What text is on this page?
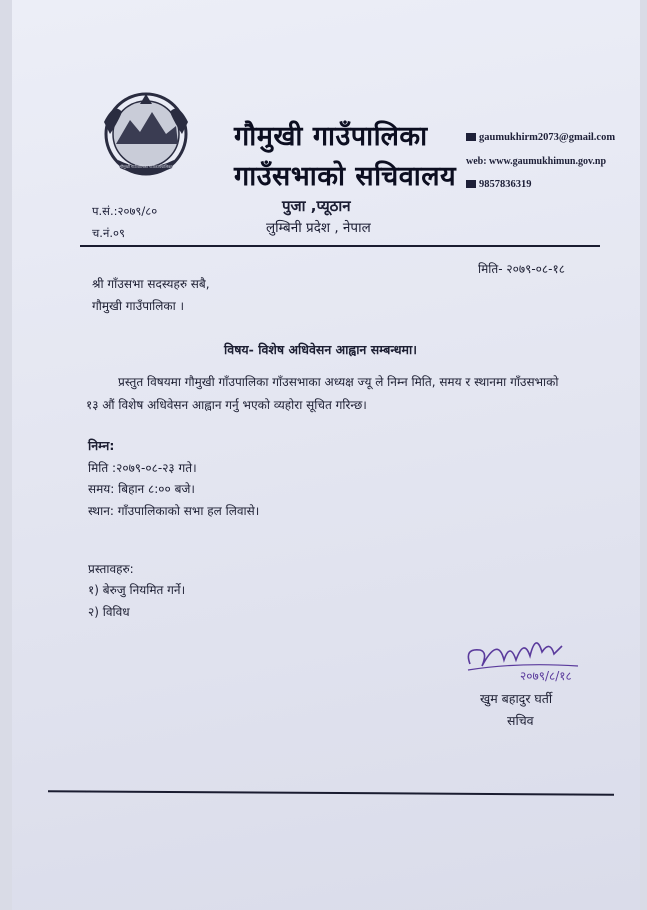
गौमुखी गाउँपालिका गाउँकार्यपालिका
गौमुखी गाउँपालिका
गाउँसभाको सचिवालय
पुजा ,प्यूठान
लुम्बिनी प्रदेश , नेपाल
gaumukhirm2073@gmail.com
web: www.gaumukhimun.gov.np
9857836319
प.सं.:२०७९/८०
च.नं.०९
मिति- २०७९-०८-१८
श्री गाँउसभा सदस्यहरु सबै,
गौमुखी गाउँपालिका ।
विषय- विशेष अधिवेसन आह्वान सम्बन्धमा।
प्रस्तुत विषयमा गौमुखी गाँउपालिका गाँउसभाका अध्यक्ष ज्यू ले निम्न मिति, समय र स्थानमा गाँउसभाको
१३ औं विशेष अधिवेसन आह्वान गर्नु भएको व्यहोरा सूचित गरिन्छ।
निम्न:
मिति :२०७९-०८-२३ गते।
समय: बिहान ८:०० बजे।
स्थान: गाँउपालिकाको सभा हल लिवासे।
प्रस्तावहरु:
१) बेरुजु नियमित गर्ने।
२) विविध
२०७९/८/१८
खुम बहादुर घर्ती
सचिव
